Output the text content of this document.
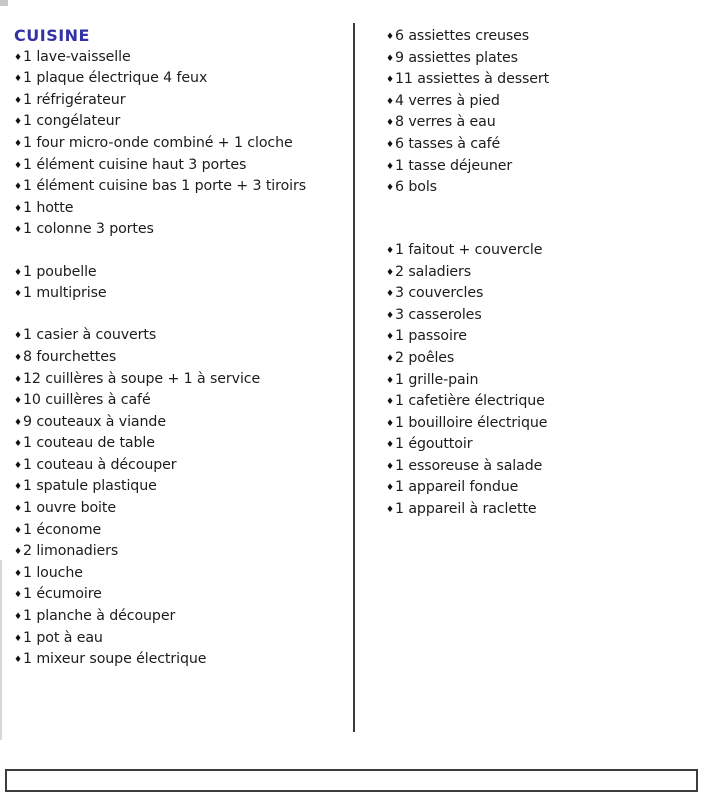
CUISINE
♦1 lave-vaisselle
♦1 plaque électrique 4 feux
♦1 réfrigérateur
♦1 congélateur
♦1 four micro-onde combiné + 1 cloche
♦1 élément cuisine haut 3 portes
♦1 élément cuisine bas 1 porte + 3 tiroirs
♦1 hotte
♦1 colonne 3 portes
♦1 poubelle
♦1 multiprise
♦1 casier à couverts
♦8 fourchettes
♦12 cuillères à soupe + 1 à service
♦10 cuillères à café
♦9 couteaux à viande
♦1 couteau de table
♦1 couteau à découper
♦1 spatule plastique
♦1 ouvre boite
♦1 économe
♦2 limonadiers
♦1 louche
♦1 écumoire
♦1 planche à découper
♦1 pot à eau
♦1 mixeur soupe électrique
♦6 assiettes creuses
♦9 assiettes plates
♦11 assiettes à dessert
♦4 verres à pied
♦8 verres à eau
♦6 tasses à café
♦1 tasse déjeuner
♦6 bols
♦1 faitout + couvercle
♦2 saladiers
♦3 couvercles
♦3 casseroles
♦1 passoire
♦2 poêles
♦1 grille-pain
♦1 cafetière électrique
♦1 bouilloire électrique
♦1 égouttoir
♦1 essoreuse à salade
♦1 appareil fondue
♦1 appareil à raclette
